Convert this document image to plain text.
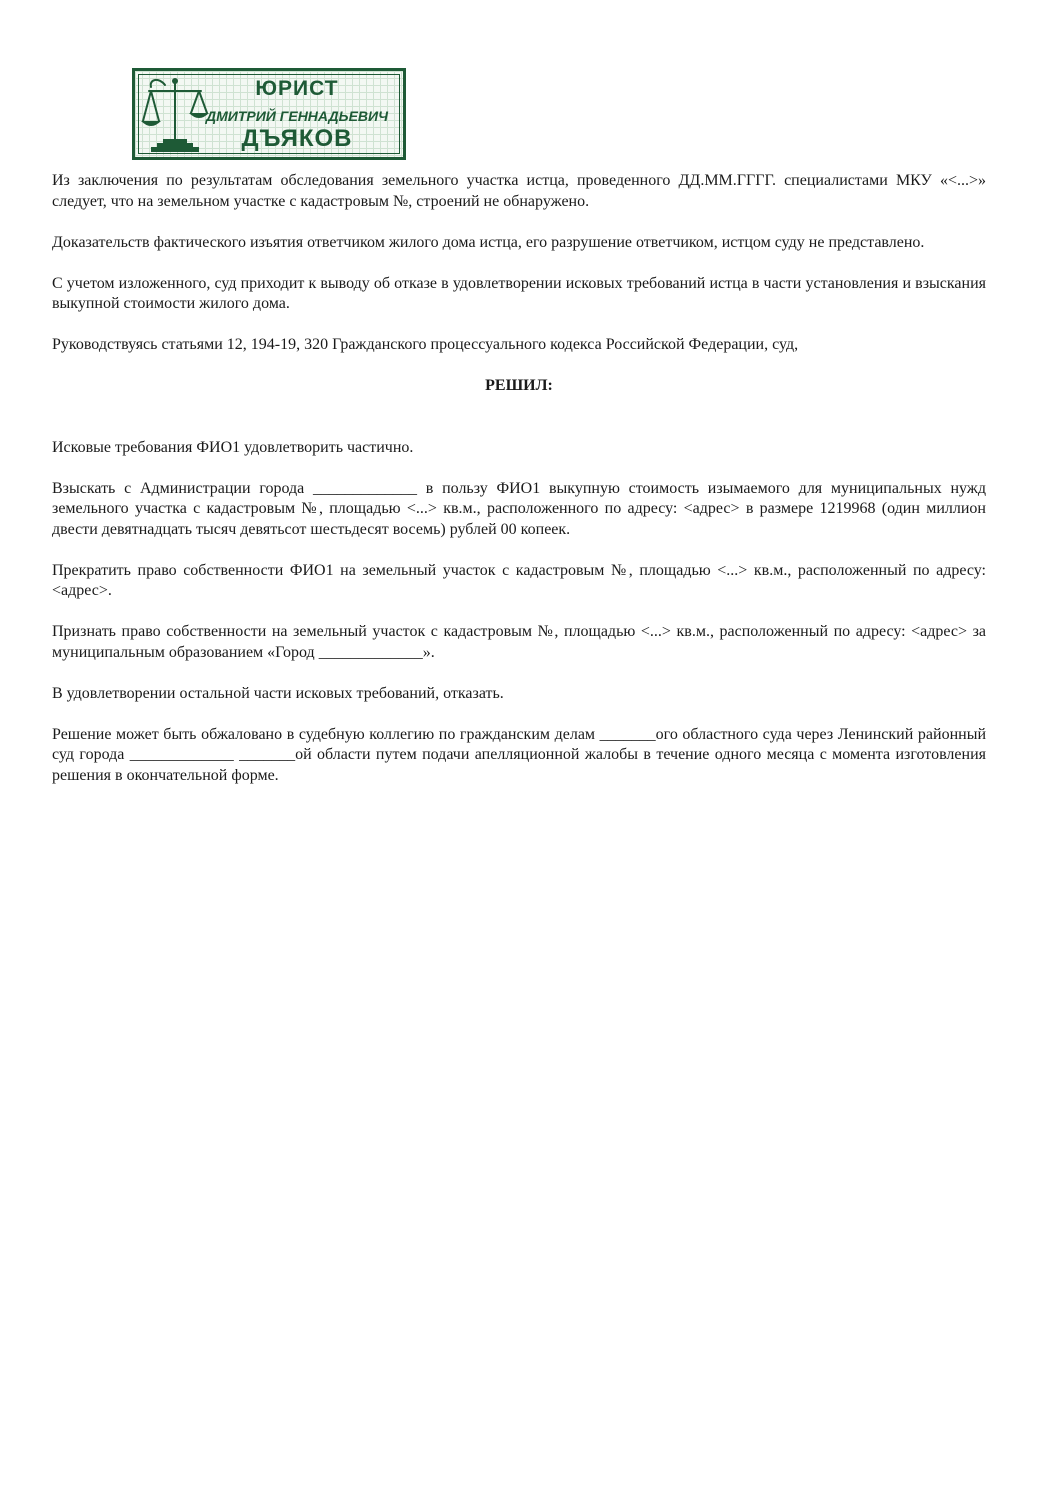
ЮРИСТ
ДМИТРИЙ ГЕННАДЬЕВИЧ
ДЪЯКОВ

Из заключения по результатам обследования земельного участка истца, проведенного ДД.ММ.ГГГГ. специалистами МКУ «<...>» следует, что на земельном участке с кадастровым №, строений не обнаружено.

Доказательств фактического изъятия ответчиком жилого дома истца, его разрушение ответчиком, истцом суду не представлено.

С учетом изложенного, суд приходит к выводу об отказе в удовлетворении исковых требований истца в части установления и взыскания выкупной стоимости жилого дома.

Руководствуясь статьями 12, 194-19, 320 Гражданского процессуального кодекса Российской Федерации, суд,

РЕШИЛ:

Исковые требования ФИО1 удовлетворить частично.

Взыскать с Администрации города _____________ в пользу ФИО1 выкупную стоимость изымаемого для муниципальных нужд земельного участка с кадастровым №, площадью <...> кв.м., расположенного по адресу: <адрес> в размере 1219968 (один миллион двести девятнадцать тысяч девятьсот шестьдесят восемь) рублей 00 копеек.

Прекратить право собственности ФИО1 на земельный участок с кадастровым №, площадью <...> кв.м., расположенный по адресу: <адрес>.

Признать право собственности на земельный участок с кадастровым №, площадью <...> кв.м., расположенный по адресу: <адрес> за муниципальным образованием «Город _____________».

В удовлетворении остальной части исковых требований, отказать.

Решение может быть обжаловано в судебную коллегию по гражданским делам _______ого областного суда через Ленинский районный суд города _____________ _______ой области путем подачи апелляционной жалобы в течение одного месяца с момента изготовления решения в окончательной форме.
